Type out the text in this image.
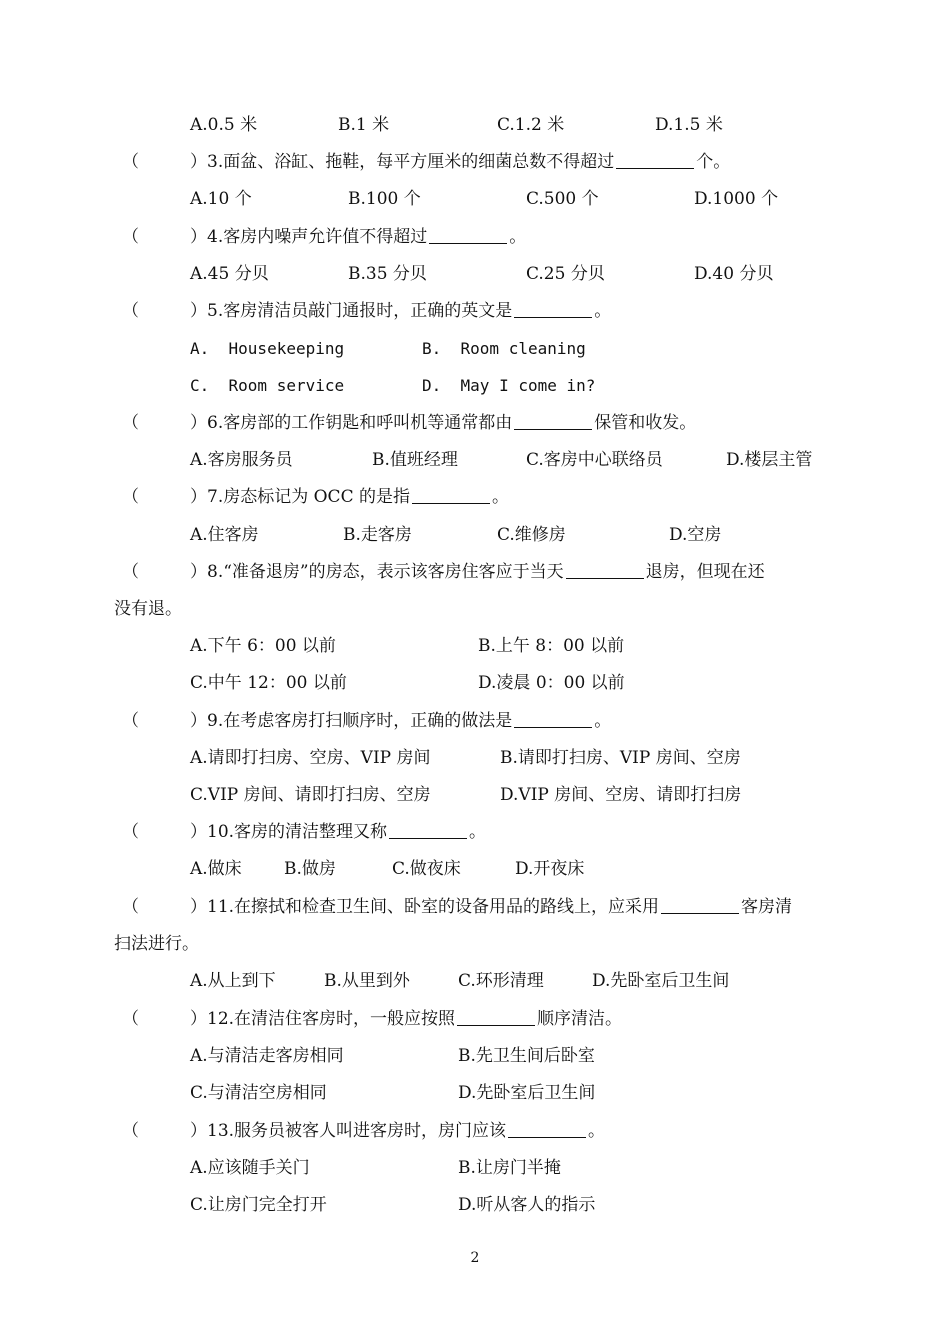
A.0.5 米	B.1 米	C.1.2 米	D.1.5 米
（　　　）3.面盆、浴缸、拖鞋，每平方厘米的细菌总数不得超过	个。
A.10 个	B.100 个	C.500 个	D.1000 个
（　　　）4.客房内噪声允许值不得超过	。
A.45 分贝	B.35 分贝	C.25 分贝	D.40 分贝
（　　　）5.客房清洁员敲门通报时，正确的英文是	。
A.  Housekeeping	B.  Room cleaning
C.  Room service	D.  May I come in?
（　　　）6.客房部的工作钥匙和呼叫机等通常都由	保管和收发。
A.客房服务员	B.值班经理	C.客房中心联络员	D.楼层主管
（　　　）7.房态标记为 OCC 的是指	。
A.住客房	B.走客房	C.维修房	D.空房
（　　　）8.“准备退房”的房态，表示该客房住客应于当天	退房，但现在还
没有退。
A.下午 6：00 以前	B.上午 8：00 以前
C.中午 12：00 以前	D.凌晨 0：00 以前
（　　　）9.在考虑客房打扫顺序时，正确的做法是	。
A.请即打扫房、空房、VIP 房间	B.请即打扫房、VIP 房间、空房
C.VIP 房间、请即打扫房、空房	D.VIP 房间、空房、请即打扫房
（　　　）10.客房的清洁整理又称	。
A.做床 B.做房	C.做夜床	D.开夜床
（　　　）11.在擦拭和检查卫生间、卧室的设备用品的路线上，应采用	客房清
扫法进行。
A.从上到下	B.从里到外	C.环形清理	D.先卧室后卫生间
（　　　）12.在清洁住客房时，一般应按照	顺序清洁。
A.与清洁走客房相同	B.先卫生间后卧室
C.与清洁空房相同	D.先卧室后卫生间
（　　　）13.服务员被客人叫进客房时，房门应该	。
A.应该随手关门	B.让房门半掩
C.让房门完全打开	D.听从客人的指示
2
